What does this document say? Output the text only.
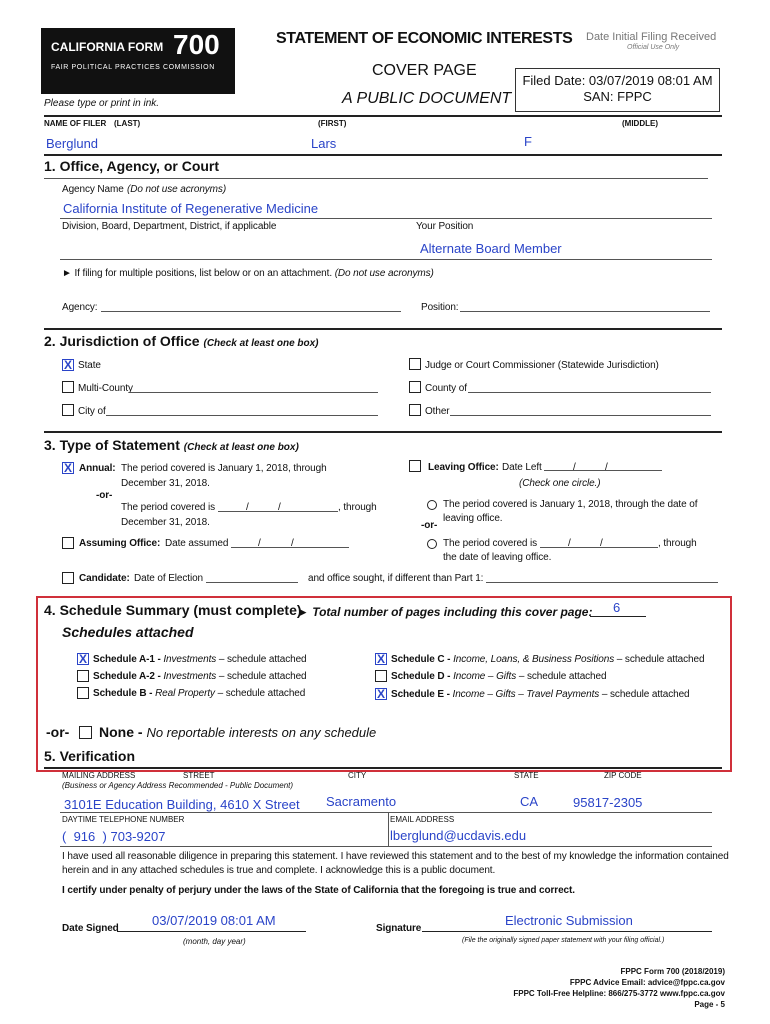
CALIFORNIA FORM 700
FAIR POLITICAL PRACTICES COMMISSION
STATEMENT OF ECONOMIC INTERESTS
COVER PAGE
A PUBLIC DOCUMENT
Date Initial Filing Received
Official Use Only
Filed Date: 03/07/2019 08:01 AM
SAN: FPPC
Please type or print in ink.
NAME OF FILER (LAST)	(FIRST)	(MIDDLE)
Berglund	Lars	F
1. Office, Agency, or Court
Agency Name (Do not use acronyms)
California Institute of Regenerative Medicine
Division, Board, Department, District, if applicable	Your Position
Alternate Board Member
► If filing for multiple positions, list below or on an attachment. (Do not use acronyms)
Agency:	Position:
2. Jurisdiction of Office (Check at least one box)
X State	Judge or Court Commissioner (Statewide Jurisdiction)
Multi-County	County of
City of	Other
3. Type of Statement (Check at least one box)
X Annual: The period covered is January 1, 2018, through
December 31, 2018.
-or-
The period covered is	/	/	, through
December 31, 2018.
Assuming Office: Date assumed	/	/
Leaving Office: Date Left	/	/
(Check one circle.)
The period covered is January 1, 2018, through the date of
leaving office.
-or-
The period covered is	/	/	, through
the date of leaving office.
Candidate: Date of Election	and office sought, if different than Part 1:
4. Schedule Summary (must complete)
► Total number of pages including this cover page: 6
Schedules attached
X Schedule A-1 - Investments – schedule attached
Schedule A-2 - Investments – schedule attached
Schedule B - Real Property – schedule attached
X Schedule C - Income, Loans, & Business Positions – schedule attached
Schedule D - Income – Gifts – schedule attached
X Schedule E - Income – Gifts – Travel Payments – schedule attached
-or- None - No reportable interests on any schedule
5. Verification
MAILING ADDRESS	STREET	CITY	STATE	ZIP CODE
(Business or Agency Address Recommended - Public Document)
3101E Education Building, 4610 X Street Sacramento	CA	95817-2305
DAYTIME TELEPHONE NUMBER	EMAIL ADDRESS
( 916 ) 703-9207	lberglund@ucdavis.edu
I have used all reasonable diligence in preparing this statement. I have reviewed this statement and to the best of my knowledge the information contained
herein and in any attached schedules is true and complete. I acknowledge this is a public document.
I certify under penalty of perjury under the laws of the State of California that the foregoing is true and correct.
Date Signed
03/07/2019 08:01 AM
(month, day year)
Signature
Electronic Submission
(File the originally signed paper statement with your filing official.)
FPPC Form 700 (2018/2019)
FPPC Advice Email: advice@fppc.ca.gov
FPPC Toll-Free Helpline: 866/275-3772 www.fppc.ca.gov
Page - 5
